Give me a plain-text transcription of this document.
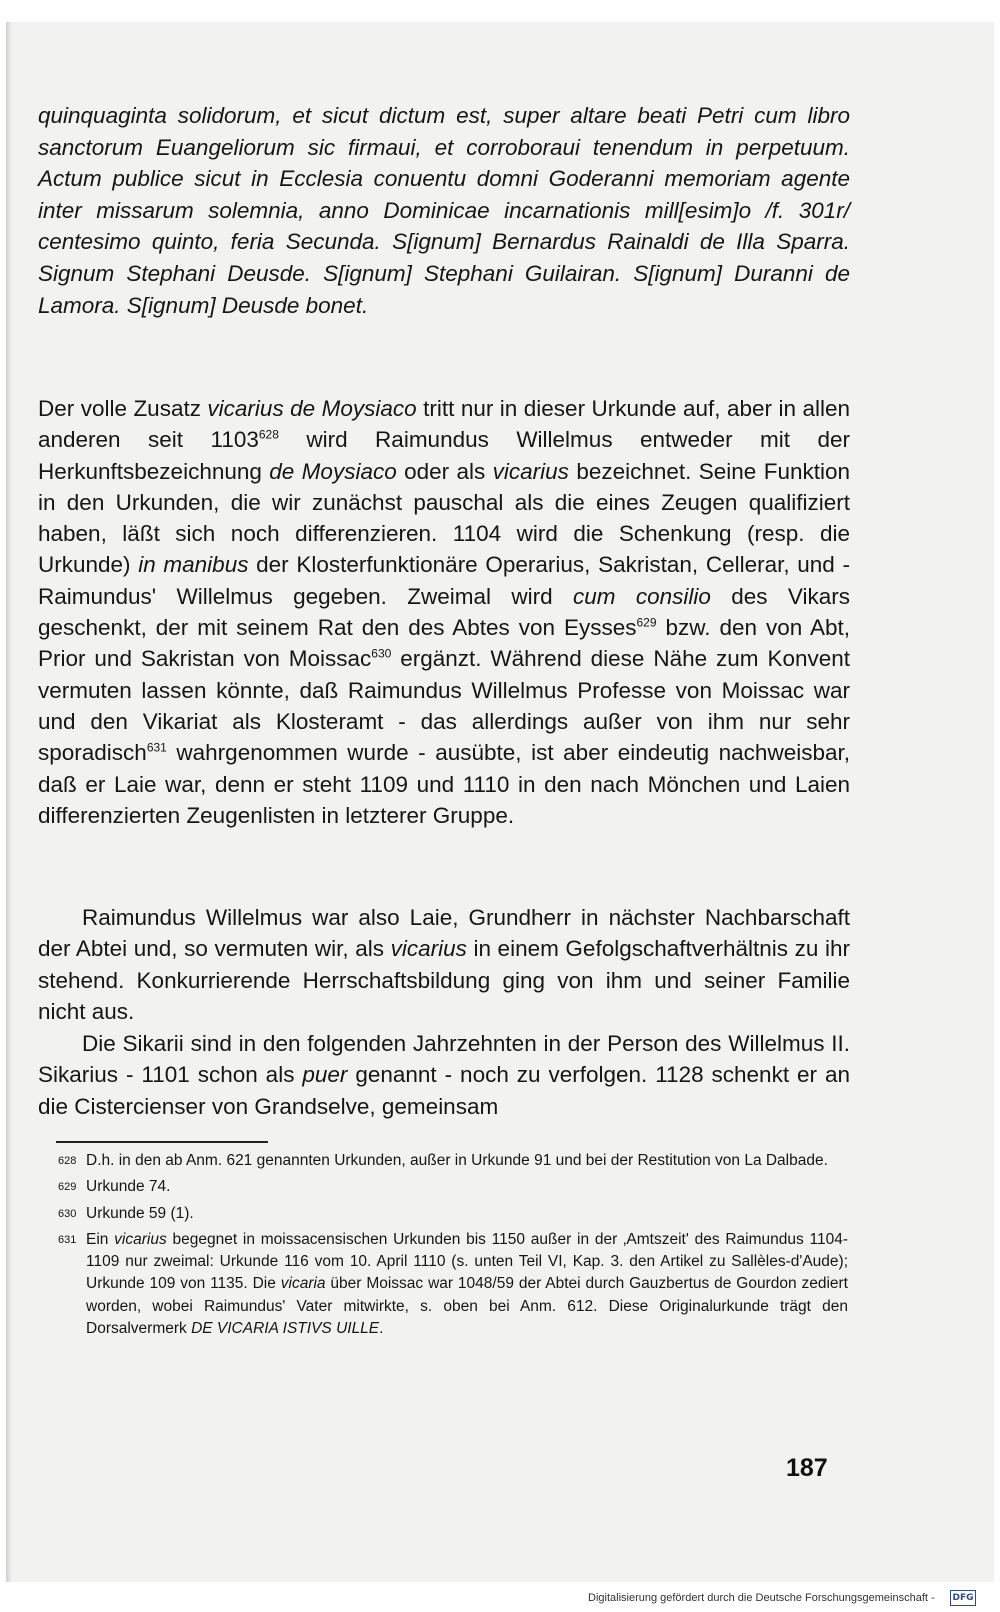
quinquaginta solidorum, et sicut dictum est, super altare beati Petri cum libro sanctorum Euangeliorum sic firmaui, et corroboraui tenendum in perpetuum. Actum publice sicut in Ecclesia conuentu domni Goderanni memoriam agente inter missarum solemnia, anno Dominicae incarnationis mill[esim]o /f. 301r/ centesimo quinto, feria Secunda. S[ignum] Bernardus Rainaldi de Illa Sparra. Signum Stephani Deusde. S[ignum] Stephani Guilairan. S[ignum] Duranni de Lamora. S[ignum] Deusde bonet.

Der volle Zusatz vicarius de Moysiaco tritt nur in dieser Urkunde auf, aber in allen anderen seit 1103$^{628}$ wird Raimundus Willelmus entweder mit der Herkunftsbezeichnung de Moysiaco oder als vicarius bezeichnet. Seine Funktion in den Urkunden, die wir zunächst pauschal als die eines Zeugen qualifiziert haben, läßt sich noch differenzieren. 1104 wird die Schenkung (resp. die Urkunde) in manibus der Klosterfunktionäre Operarius, Sakristan, Cellerar, und - Raimundus' Willelmus gegeben. Zweimal wird cum consilio des Vikars geschenkt, der mit seinem Rat den des Abtes von Eysses$^{629}$ bzw. den von Abt, Prior und Sakristan von Moissac$^{630}$ ergänzt. Während diese Nähe zum Konvent vermuten lassen könnte, daß Raimundus Willelmus Professe von Moissac war und den Vikariat als Klosteramt - das allerdings außer von ihm nur sehr sporadisch$^{631}$ wahrgenommen wurde - ausübte, ist aber eindeutig nachweisbar, daß er Laie war, denn er steht 1109 und 1110 in den nach Mönchen und Laien differenzierten Zeugenlisten in letzterer Gruppe.

Raimundus Willelmus war also Laie, Grundherr in nächster Nachbarschaft der Abtei und, so vermuten wir, als vicarius in einem Gefolgschaftverhältnis zu ihr stehend. Konkurrierende Herrschaftsbildung ging von ihm und seiner Familie nicht aus.

Die Sikarii sind in den folgenden Jahrzehnten in der Person des Willelmus II. Sikarius - 1101 schon als puer genannt - noch zu verfolgen. 1128 schenkt er an die Cistercienser von Grandselve, gemeinsam

628 D.h. in den ab Anm. 621 genannten Urkunden, außer in Urkunde 91 und bei der Restitution von La Dalbade.
629 Urkunde 74.
630 Urkunde 59 (1).
631 Ein vicarius begegnet in moissacensischen Urkunden bis 1150 außer in der ‚Amtszeit' des Raimundus 1104-1109 nur zweimal: Urkunde 116 vom 10. April 1110 (s. unten Teil VI, Kap. 3. den Artikel zu Sallèles-d'Aude); Urkunde 109 von 1135. Die vicaria über Moissac war 1048/59 der Abtei durch Gauzbertus de Gourdon zediert worden, wobei Raimundus' Vater mitwirkte, s. oben bei Anm. 612. Diese Originalurkunde trägt den Dorsalvermerk DE VICARIA ISTIVS UILLE.
187
Digitalisierung gefördert durch die Deutsche Forschungsgemeinschaft - DFG
